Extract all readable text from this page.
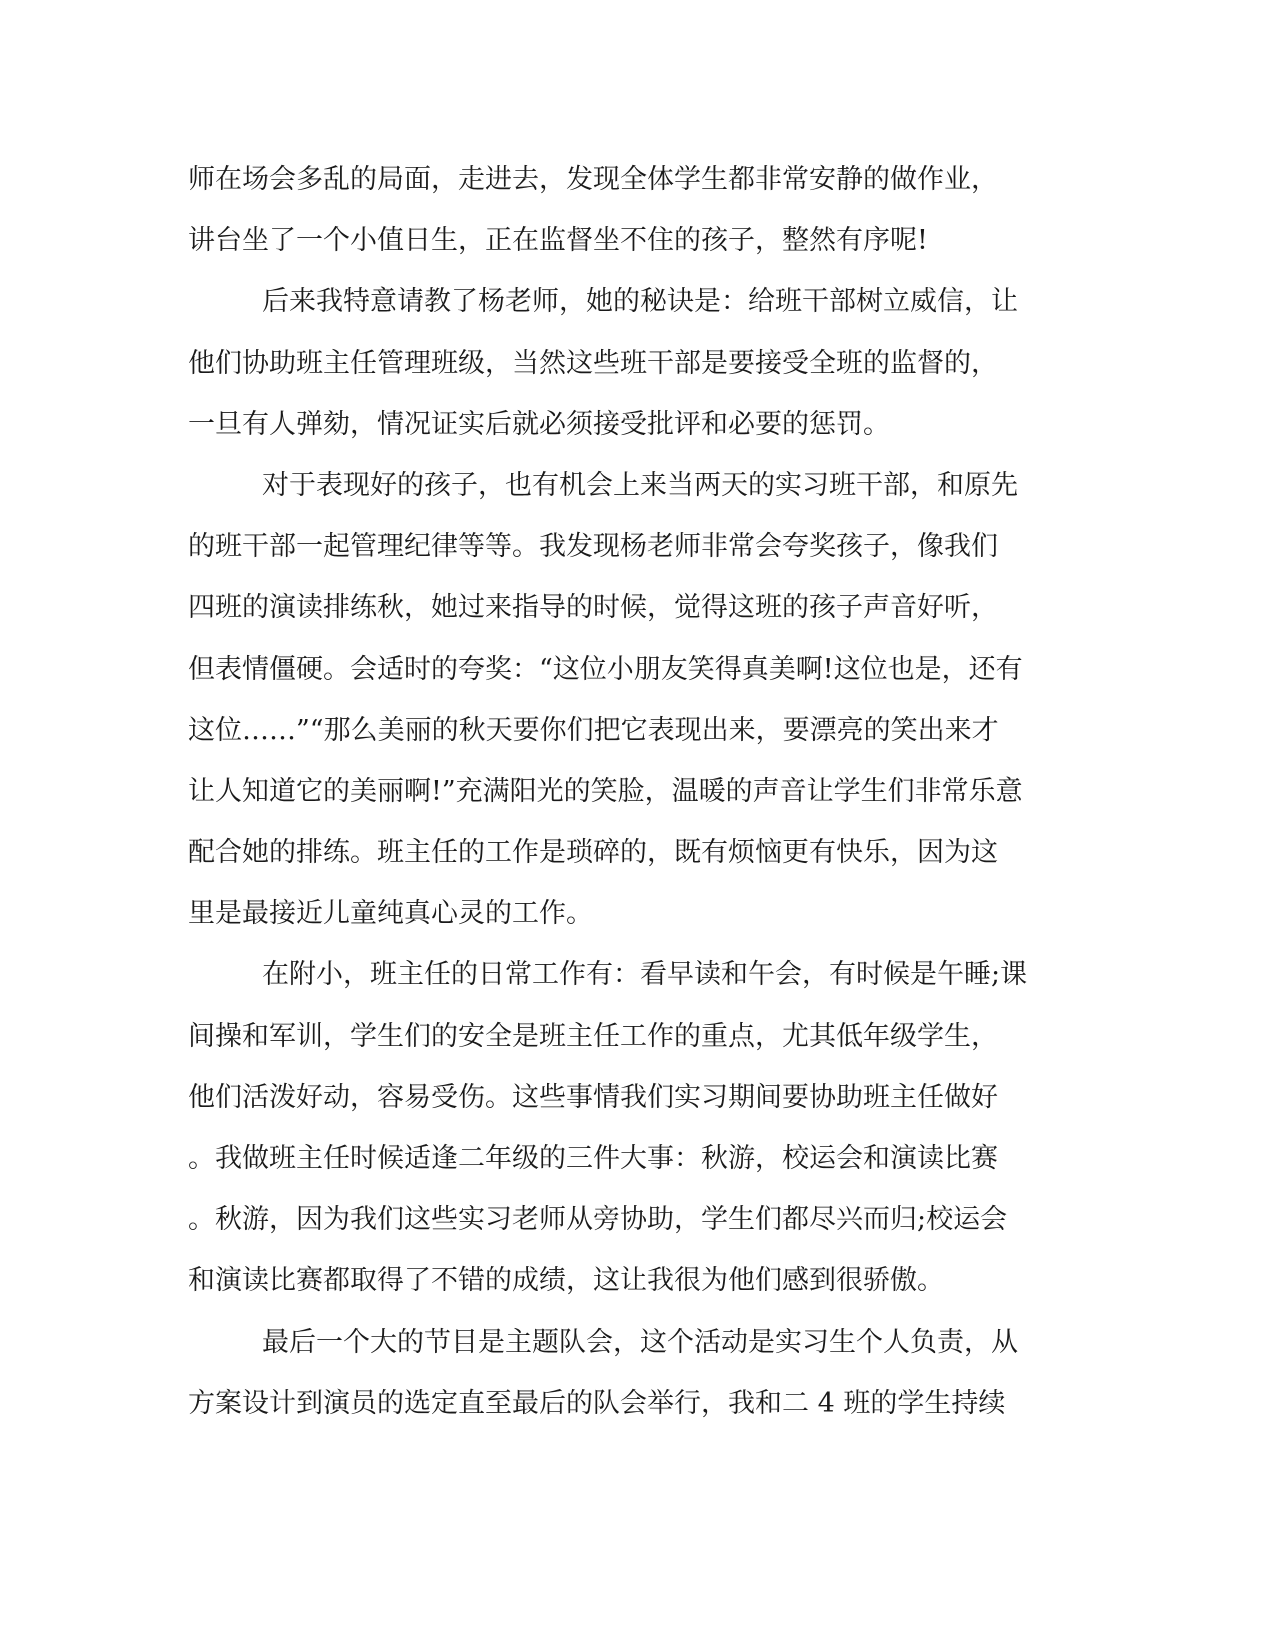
师在场会多乱的局面，走进去，发现全体学生都非常安静的做作业，
讲台坐了一个小值日生，正在监督坐不住的孩子，整然有序呢!
后来我特意请教了杨老师，她的秘诀是：给班干部树立威信，让
他们协助班主任管理班级，当然这些班干部是要接受全班的监督的，
一旦有人弹劾，情况证实后就必须接受批评和必要的惩罚。
对于表现好的孩子，也有机会上来当两天的实习班干部，和原先
的班干部一起管理纪律等等。我发现杨老师非常会夸奖孩子，像我们
四班的演读排练秋，她过来指导的时候，觉得这班的孩子声音好听，
但表情僵硬。会适时的夸奖：“这位小朋友笑得真美啊!这位也是，还有
这位……”“那么美丽的秋天要你们把它表现出来，要漂亮的笑出来才
让人知道它的美丽啊!”充满阳光的笑脸，温暖的声音让学生们非常乐意
配合她的排练。班主任的工作是琐碎的，既有烦恼更有快乐，因为这
里是最接近儿童纯真心灵的工作。
在附小，班主任的日常工作有：看早读和午会，有时候是午睡;课
间操和军训，学生们的安全是班主任工作的重点，尤其低年级学生，
他们活泼好动，容易受伤。这些事情我们实习期间要协助班主任做好
。我做班主任时候适逢二年级的三件大事：秋游，校运会和演读比赛
。秋游，因为我们这些实习老师从旁协助，学生们都尽兴而归;校运会
和演读比赛都取得了不错的成绩，这让我很为他们感到很骄傲。
最后一个大的节目是主题队会，这个活动是实习生个人负责，从
方案设计到演员的选定直至最后的队会举行，我和二 4 班的学生持续
